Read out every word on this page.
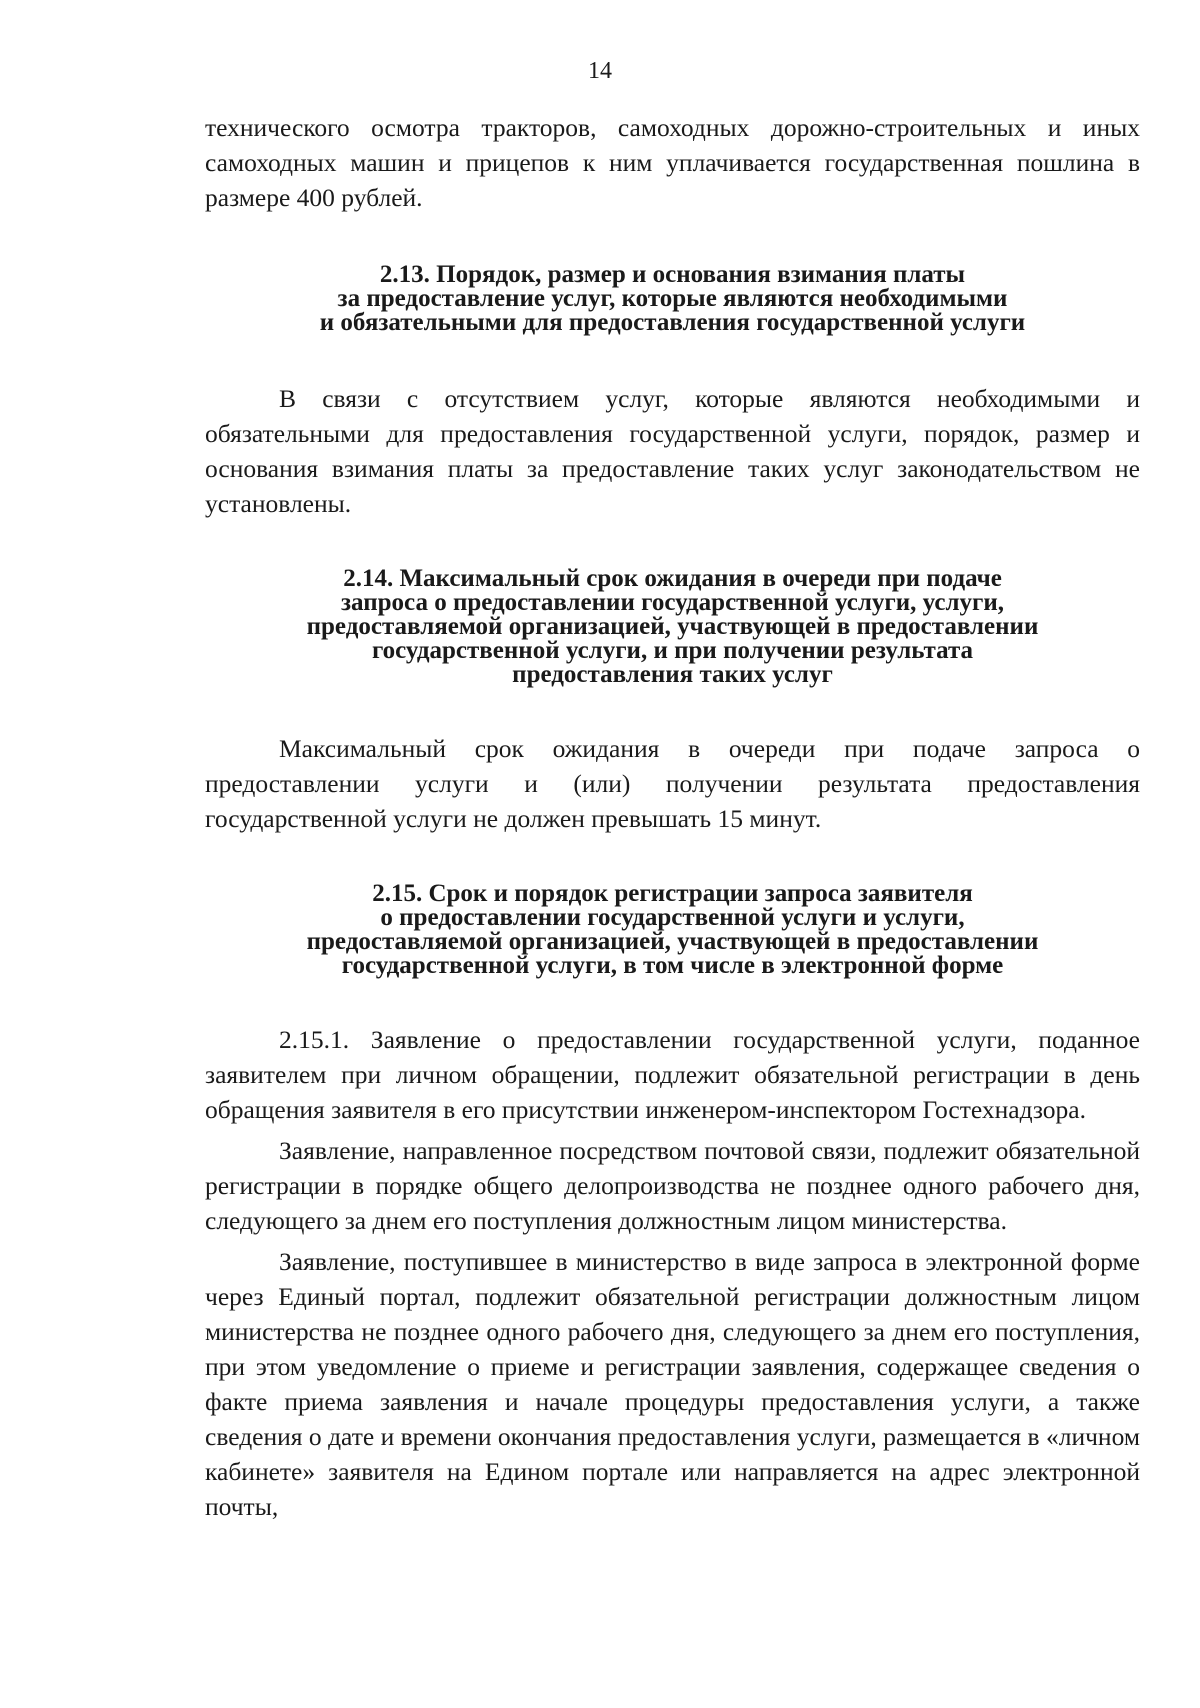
14

технического осмотра тракторов, самоходных дорожно-строительных и иных самоходных машин и прицепов к ним уплачивается государственная пошлина в размере 400 рублей.

2.13. Порядок, размер и основания взимания платы
за предоставление услуг, которые являются необходимыми
и обязательными для предоставления государственной услуги

В связи с отсутствием услуг, которые являются необходимыми и обязательными для предоставления государственной услуги, порядок, размер и основания взимания платы за предоставление таких услуг законодательством не установлены.

2.14. Максимальный срок ожидания в очереди при подаче
запроса о предоставлении государственной услуги, услуги,
предоставляемой организацией, участвующей в предоставлении
государственной услуги, и при получении результата
предоставления таких услуг

Максимальный срок ожидания в очереди при подаче запроса о предоставлении услуги и (или) получении результата предоставления государственной услуги не должен превышать 15 минут.

2.15. Срок и порядок регистрации запроса заявителя
о предоставлении государственной услуги и услуги,
предоставляемой организацией, участвующей в предоставлении
государственной услуги, в том числе в электронной форме

2.15.1. Заявление о предоставлении государственной услуги, поданное заявителем при личном обращении, подлежит обязательной регистрации в день обращения заявителя в его присутствии инженером-инспектором Гостехнадзора.

Заявление, направленное посредством почтовой связи, подлежит обязательной регистрации в порядке общего делопроизводства не позднее одного рабочего дня, следующего за днем его поступления должностным лицом министерства.

Заявление, поступившее в министерство в виде запроса в электронной форме через Единый портал, подлежит обязательной регистрации должностным лицом министерства не позднее одного рабочего дня, следующего за днем его поступления, при этом уведомление о приеме и регистрации заявления, содержащее сведения о факте приема заявления и начале процедуры предоставления услуги, а также сведения о дате и времени окончания предоставления услуги, размещается в «личном кабинете» заявителя на Едином портале или направляется на адрес электронной почты,
